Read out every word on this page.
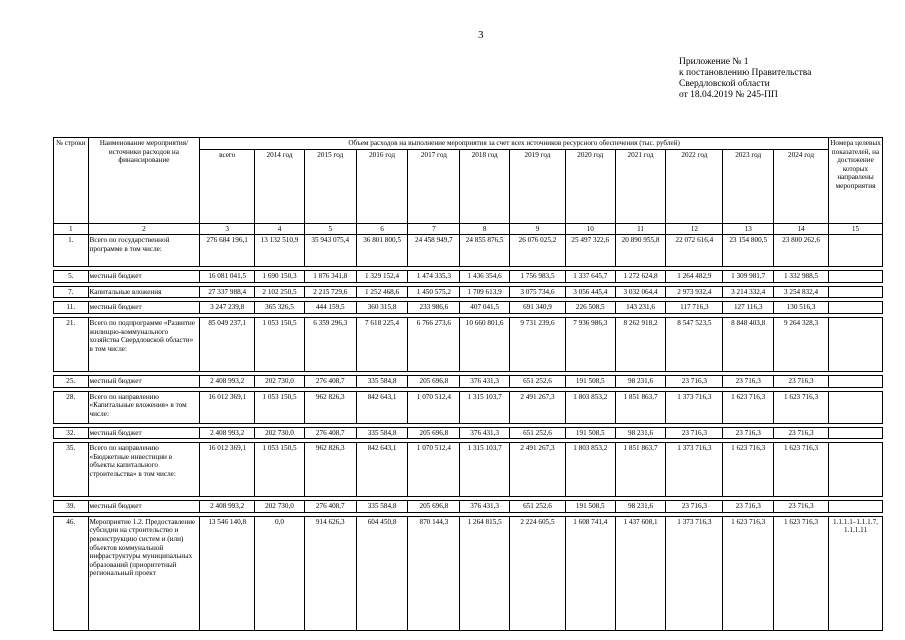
3
Приложение № 1
к постановлению Правительства
Свердловской области
от 18.04.2019 № 245-ПП
№ строки	Наименование мероприятия/ источники расходов на финансирование	Объем расходов на выполнение мероприятия за счет всех источников ресурсного обеспечения (тыс. рублей)												Номера целевых показателей, на достижение которых направлены мероприятия
		всего	2014 год	2015 год	2016 год	2017 год	2018 год	2019 год	2020 год	2021 год	2022 год	2023 год	2024 год	
1	2	3	4	5	6	7	8	9	10	11	12	13	14	15
1.	Всего по государственной программе в том числе:	276 684 196,1	13 132 510,9	35 943 075,4	36 801 800,5	24 458 949,7	24 855 876,5	26 076 025,2	25 497 322,6	20 890 955,8	22 072 616,4	23 154 800,5	23 800 262,6	

5.	местный бюджет	16 081 041,5	1 690 150,3	1 876 341,8	1 329 152,4	1 474 335,3	1 436 354,6	1 756 983,5	1 337 645,7	1 272 624,8	1 264 482,9	1 309 981,7	1 332 988,5	

7.	Капитальные вложения	27 337 988,4	2 102 250,5	2 215 729,6	1 252 468,6	1 450 575,2	1 709 613,9	3 075 734,6	3 056 445,4	3 032 064,4	2 973 932,4	3 214 332,4	3 254 832,4	

11.	местный бюджет	3 247 239,8	365 326,5	444 159,5	360 315,8	233 986,6	407 041,5	691 340,9	226 508,5	143 231,6	117 716,3	127 116,3	130 516,3	

21.	Всего по подпрограмме «Развитие жилищно-коммунального хозяйства Свердловской области» в том числе:	85 049 237,1	1 053 150,5	6 359 296,3	7 618 225,4	6 766 273,6	10 660 801,6	9 731 239,6	7 936 986,3	8 262 918,2	8 547 523,5	8 848 403,8	9 264 328,3	

25.	местный бюджет	2 408 993,2	202 730,0	276 408,7	335 584,8	205 696,8	376 431,3	651 252,6	191 508,5	98 231,6	23 716,3	23 716,3	23 716,3	

28.	Всего по направлению «Капитальные вложения» в том числе:	16 012 369,1	1 053 150,5	962 826,3	842 643,1	1 070 512,4	1 315 103,7	2 491 267,3	1 803 853,2	1 851 863,7	1 373 716,3	1 623 716,3	1 623 716,3	

32.	местный бюджет	2 408 993,2	202 730,0	276 408,7	335 584,8	205 696,8	376 431,3	651 252,6	191 508,5	98 231,6	23 716,3	23 716,3	23 716,3	

35.	Всего по направлению «Бюджетные инвестиции в объекты капитального строительства» в том числе:	16 012 369,1	1 053 150,5	962 826,3	842 643,1	1 070 512,4	1 315 103,7	2 491 267,3	1 803 853,2	1 851 863,7	1 373 716,3	1 623 716,3	1 623 716,3	

39.	местный бюджет	2 408 993,2	202 730,0	276 408,7	335 584,8	205 696,8	376 431,3	651 252,6	191 508,5	98 231,6	23 716,3	23 716,3	23 716,3	

46.	Мероприятие 1.2. Предоставление субсидии на строительство и реконструкцию систем и (или) объектов коммунальной инфраструктуры муниципальных образований (приоритетный региональный проект	13 546 140,8	0,0	914 626,3	604 450,8	870 144,3	1 264 815,5	2 224 605,5	1 608 741,4	1 437 608,1	1 373 716,3	1 623 716,3	1 623 716,3	1.1.1.1–1.1.1.7, 1.1.1.11
